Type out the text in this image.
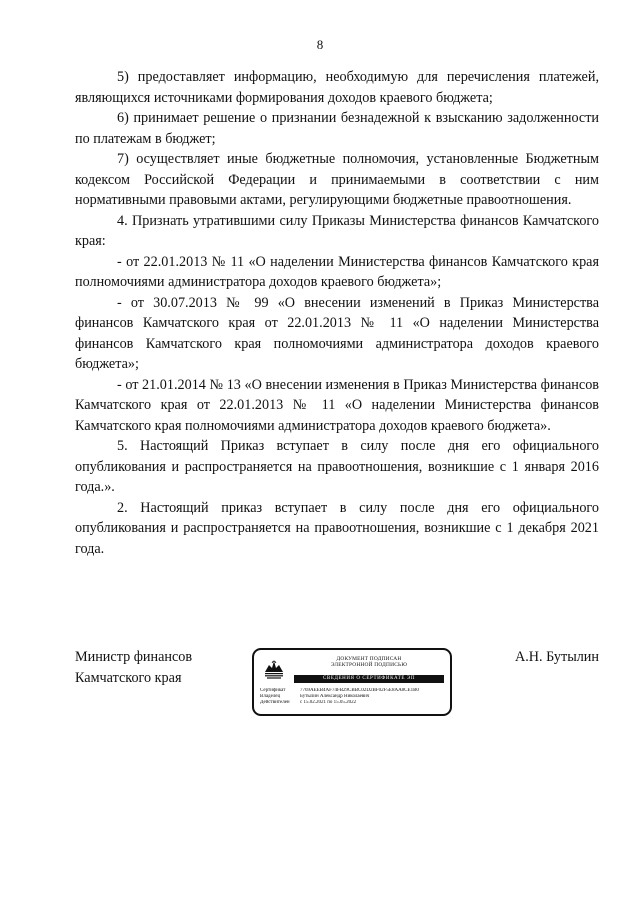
8

5) предоставляет информацию, необходимую для перечисления платежей, являющихся источниками формирования доходов краевого бюджета;

6) принимает решение о признании безнадежной к взысканию задолженности по платежам в бюджет;

7) осуществляет иные бюджетные полномочия, установленные Бюджетным кодексом Российской Федерации и принимаемыми в соответствии с ним нормативными правовыми актами, регулирующими бюджетные правоотношения.

4. Признать утратившими силу Приказы Министерства финансов Камчатского края:

- от 22.01.2013 № 11 «О наделении Министерства финансов Камчатского края полномочиями администратора доходов краевого бюджета»;

- от 30.07.2013 № 99 «О внесении изменений в Приказ Министерства финансов Камчатского края от 22.01.2013 № 11 «О наделении Министерства финансов Камчатского края полномочиями администратора доходов краевого бюджета»;

- от 21.01.2014 № 13 «О внесении изменения в Приказ Министерства финансов Камчатского края от 22.01.2013 № 11 «О наделении Министерства финансов Камчатского края полномочиями администратора доходов краевого бюджета».

5. Настоящий Приказ вступает в силу после дня его официального опубликования и распространяется на правоотношения, возникшие с 1 января 2016 года.».

2. Настоящий приказ вступает в силу после дня его официального опубликования и распространяется на правоотношения, возникшие с 1 декабря 2021 года.

Министр финансов
Камчатского края
ДОКУМЕНТ ПОДПИСАН
ЭЛЕКТРОННОЙ ПОДПИСЬЮ
СВЕДЕНИЯ О СЕРТИФИКАТЕ ЭП
Сертификат	7769AEEB4AF74FB29CBBC02D2BF02F5E8AA8CE1B0
Владелец	Бутылин Александр Николаевич
Действителен	с 15.02.2021 по 15.05.2022
А.Н. Бутылин
